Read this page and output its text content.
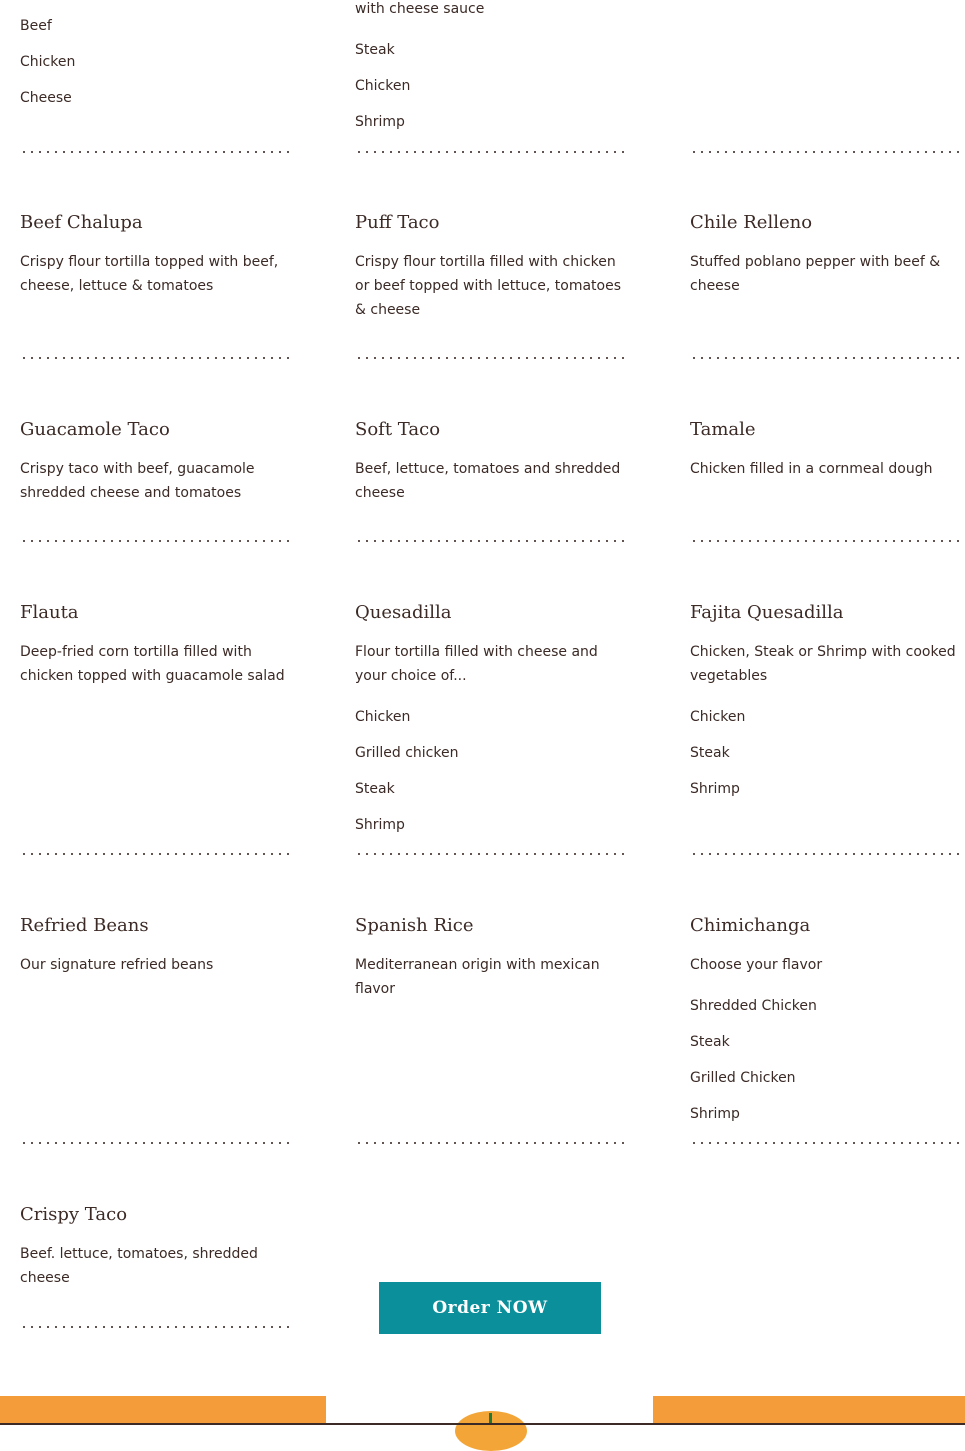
Beef
Chicken
Cheese
with cheese sauce
Steak
Chicken
Shrimp
Beef Chalupa
Crispy flour tortilla topped with beef, cheese, lettuce & tomatoes
Puff Taco
Crispy flour tortilla filled with chicken or beef topped with lettuce, tomatoes & cheese
Chile Relleno
Stuffed poblano pepper with beef & cheese
Guacamole Taco
Crispy taco with beef, guacamole shredded cheese and tomatoes
Soft Taco
Beef, lettuce, tomatoes and shredded cheese
Tamale
Chicken filled in a cornmeal dough
Flauta
Deep-fried corn tortilla filled with chicken topped with guacamole salad
Quesadilla
Flour tortilla filled with cheese and your choice of...
Chicken
Grilled chicken
Steak
Shrimp
Fajita Quesadilla
Chicken, Steak or Shrimp with cooked vegetables
Chicken
Steak
Shrimp
Refried Beans
Our signature refried beans
Spanish Rice
Mediterranean origin with mexican flavor
Chimichanga
Choose your flavor
Shredded Chicken
Steak
Grilled Chicken
Shrimp
Crispy Taco
Beef. lettuce, tomatoes, shredded cheese
Order NOW
